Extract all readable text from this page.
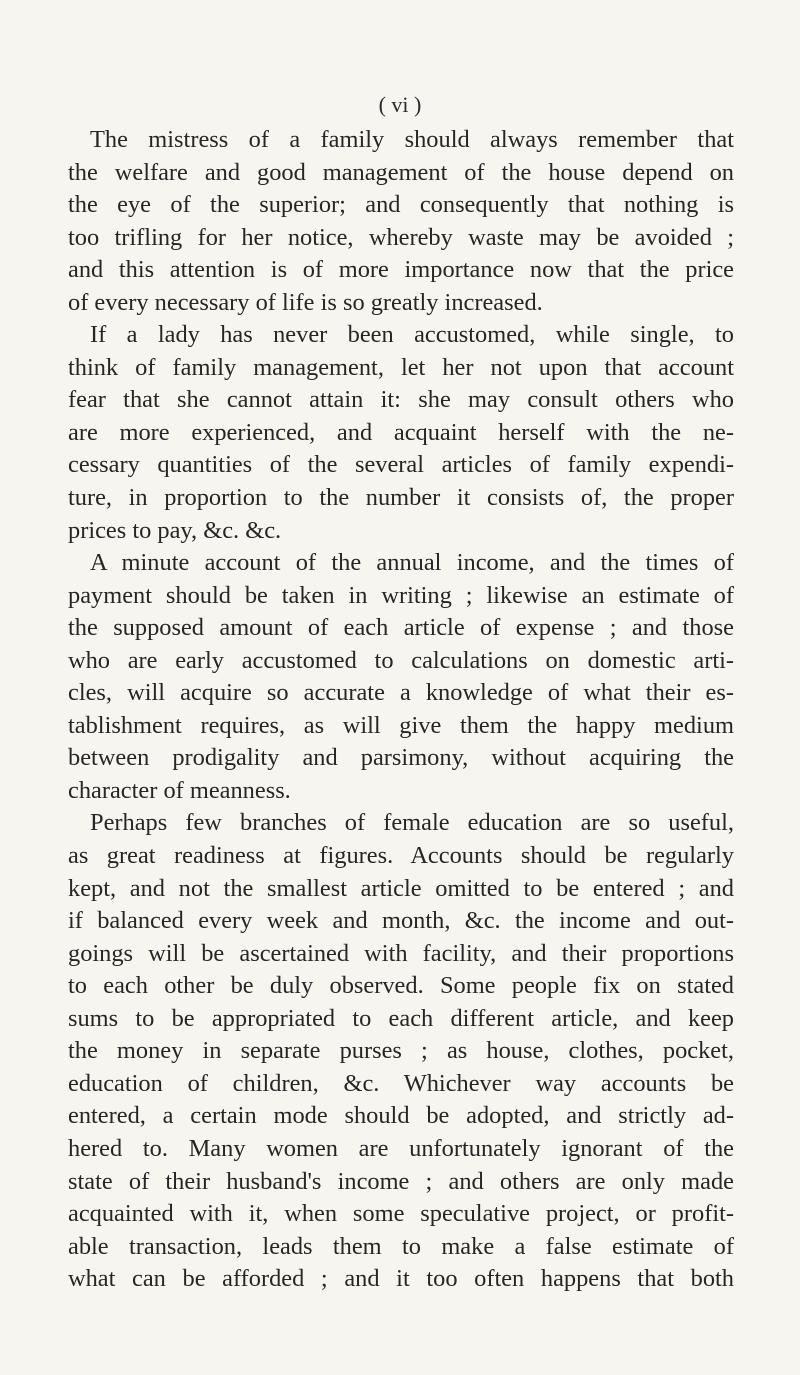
( vi )
The mistress of a family should always remember that
the welfare and good management of the house depend on
the eye of the superior; and consequently that nothing is
too trifling for her notice, whereby waste may be avoided ;
and this attention is of more importance now that the price
of every necessary of life is so greatly increased.
If a lady has never been accustomed, while single, to
think of family management, let her not upon that account
fear that she cannot attain it: she may consult others who
are more experienced, and acquaint herself with the ne-
cessary quantities of the several articles of family expendi-
ture, in proportion to the number it consists of, the proper
prices to pay, &c. &c.
A minute account of the annual income, and the times of
payment should be taken in writing ; likewise an estimate of
the supposed amount of each article of expense ; and those
who are early accustomed to calculations on domestic arti-
cles, will acquire so accurate a knowledge of what their es-
tablishment requires, as will give them the happy medium
between prodigality and parsimony, without acquiring the
character of meanness.
Perhaps few branches of female education are so useful,
as great readiness at figures. Accounts should be regularly
kept, and not the smallest article omitted to be entered ; and
if balanced every week and month, &c. the income and out-
goings will be ascertained with facility, and their proportions
to each other be duly observed. Some people fix on stated
sums to be appropriated to each different article, and keep
the money in separate purses ; as house, clothes, pocket,
education of children, &c. Whichever way accounts be
entered, a certain mode should be adopted, and strictly ad-
hered to. Many women are unfortunately ignorant of the
state of their husband's income ; and others are only made
acquainted with it, when some speculative project, or profit-
able transaction, leads them to make a false estimate of
what can be afforded ; and it too often happens that both
